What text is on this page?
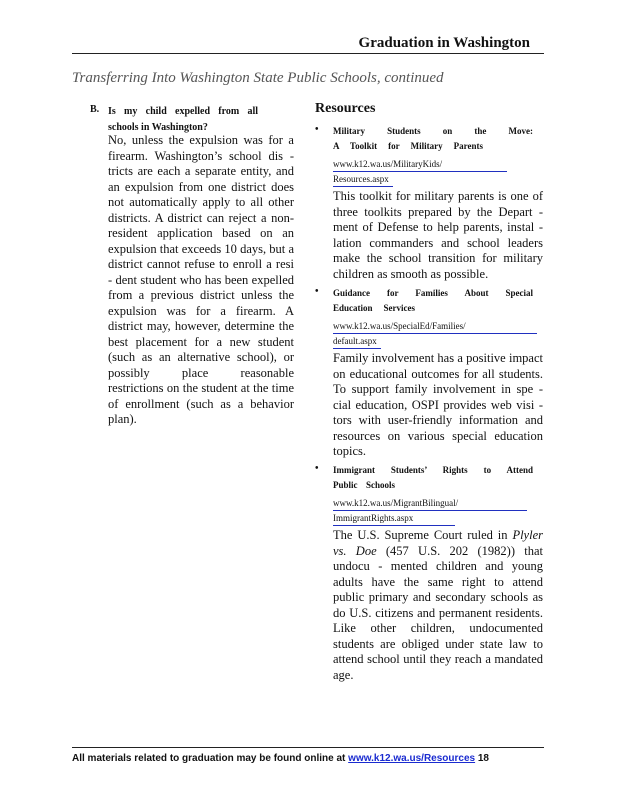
Graduation in Washington
Transferring Into Washington State Public Schools, continued
B. Is my child expelled from all
schools in Washington?
No, unless the expulsion was for a firearm. Washington’s school dis - tricts are each a separate entity, and an expulsion from one district does not automatically apply to all other districts. A district can reject a non-resident application based on an expulsion that exceeds 10 days, but a district cannot refuse to enroll a resi - dent student who has been expelled from a previous district unless the expulsion was for a firearm. A district may, however, determine the best placement for a new student (such as an alternative school), or possibly place reasonable restrictions on the student at the time of enrollment (such as a behavior plan).
Resources
• Military Students on the Move:
A Toolkit for Military Parents
www.k12.wa.us/MilitaryKids/
Resources.aspx
This toolkit for military parents is one of three toolkits prepared by the Depart - ment of Defense to help parents, instal - lation commanders and school leaders make the school transition for military children as smooth as possible.
• Guidance for Families About Special
Education Services
www.k12.wa.us/SpecialEd/Families/
default.aspx
Family involvement has a positive impact on educational outcomes for all students. To support family involvement in spe - cial education, OSPI provides web visi - tors with user-friendly information and resources on various special education topics.
• Immigrant Students’ Rights to Attend
Public Schools
www.k12.wa.us/MigrantBilingual/
ImmigrantRights.aspx
The U.S. Supreme Court ruled in Plyler vs. Doe (457 U.S. 202 (1982)) that undocu - mented children and young adults have the same right to attend public primary and secondary schools as do U.S. citizens and permanent residents. Like other children, undocumented students are obliged under state law to attend school until they reach a mandated age.
All materials related to graduation may be found online at www.k12.wa.us/Resources 18
